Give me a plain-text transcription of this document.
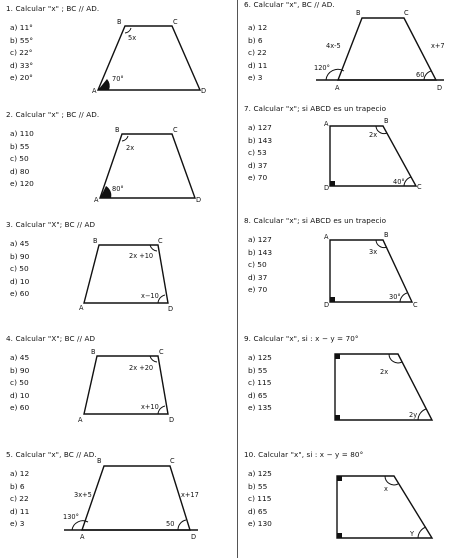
1. Calcular "x" ; BC // AD.
a) 11°
b) 55°
c) 22°
d) 33°
e) 20°
B	C
A	D
5x
70°
2. Calcular "x" ; BC // AD.
a) 110
b) 55
c) 50
d) 80
e) 120
B	C
A	D
2x
80°
3. Calcular "X"; BC // AD
a) 45
b) 90
c) 50
d) 10
e) 60
B	C
A	D
2x +10
x−10
4. Calcular "X"; BC // AD
a) 45
b) 90
c) 50
d) 10
e) 60
B	C
A	D
2x +20
x+10
5. Calcular "x", BC // AD.
a) 12
b) 6
c) 22
d) 11
e) 3
B	C
A	D
3x+5	x+17
130°
50
6. Calcular "x", BC // AD.
a) 12
b) 6
c) 22
d) 11
e) 3
B	C
A	D
4x-5	x+7
120°
60
7. Calcular "x"; si ABCD es un trapecio
a) 127
b) 143
c) 53
d) 37
e) 70
A	B
C
D
2x
40°
8. Calcular "x"; si ABCD es un trapecio
a) 127
b) 143
c) 50
d) 37
e) 70
A	B
C
D
3x
30°
9. Calcular "x", si : x − y = 70°
a) 125
b) 55
c) 115
d) 65
e) 135
2x
2y
10. Calcular "x", si : x − y = 80°
a) 125
b) 55
c) 115
d) 65
e) 130
x
Y
